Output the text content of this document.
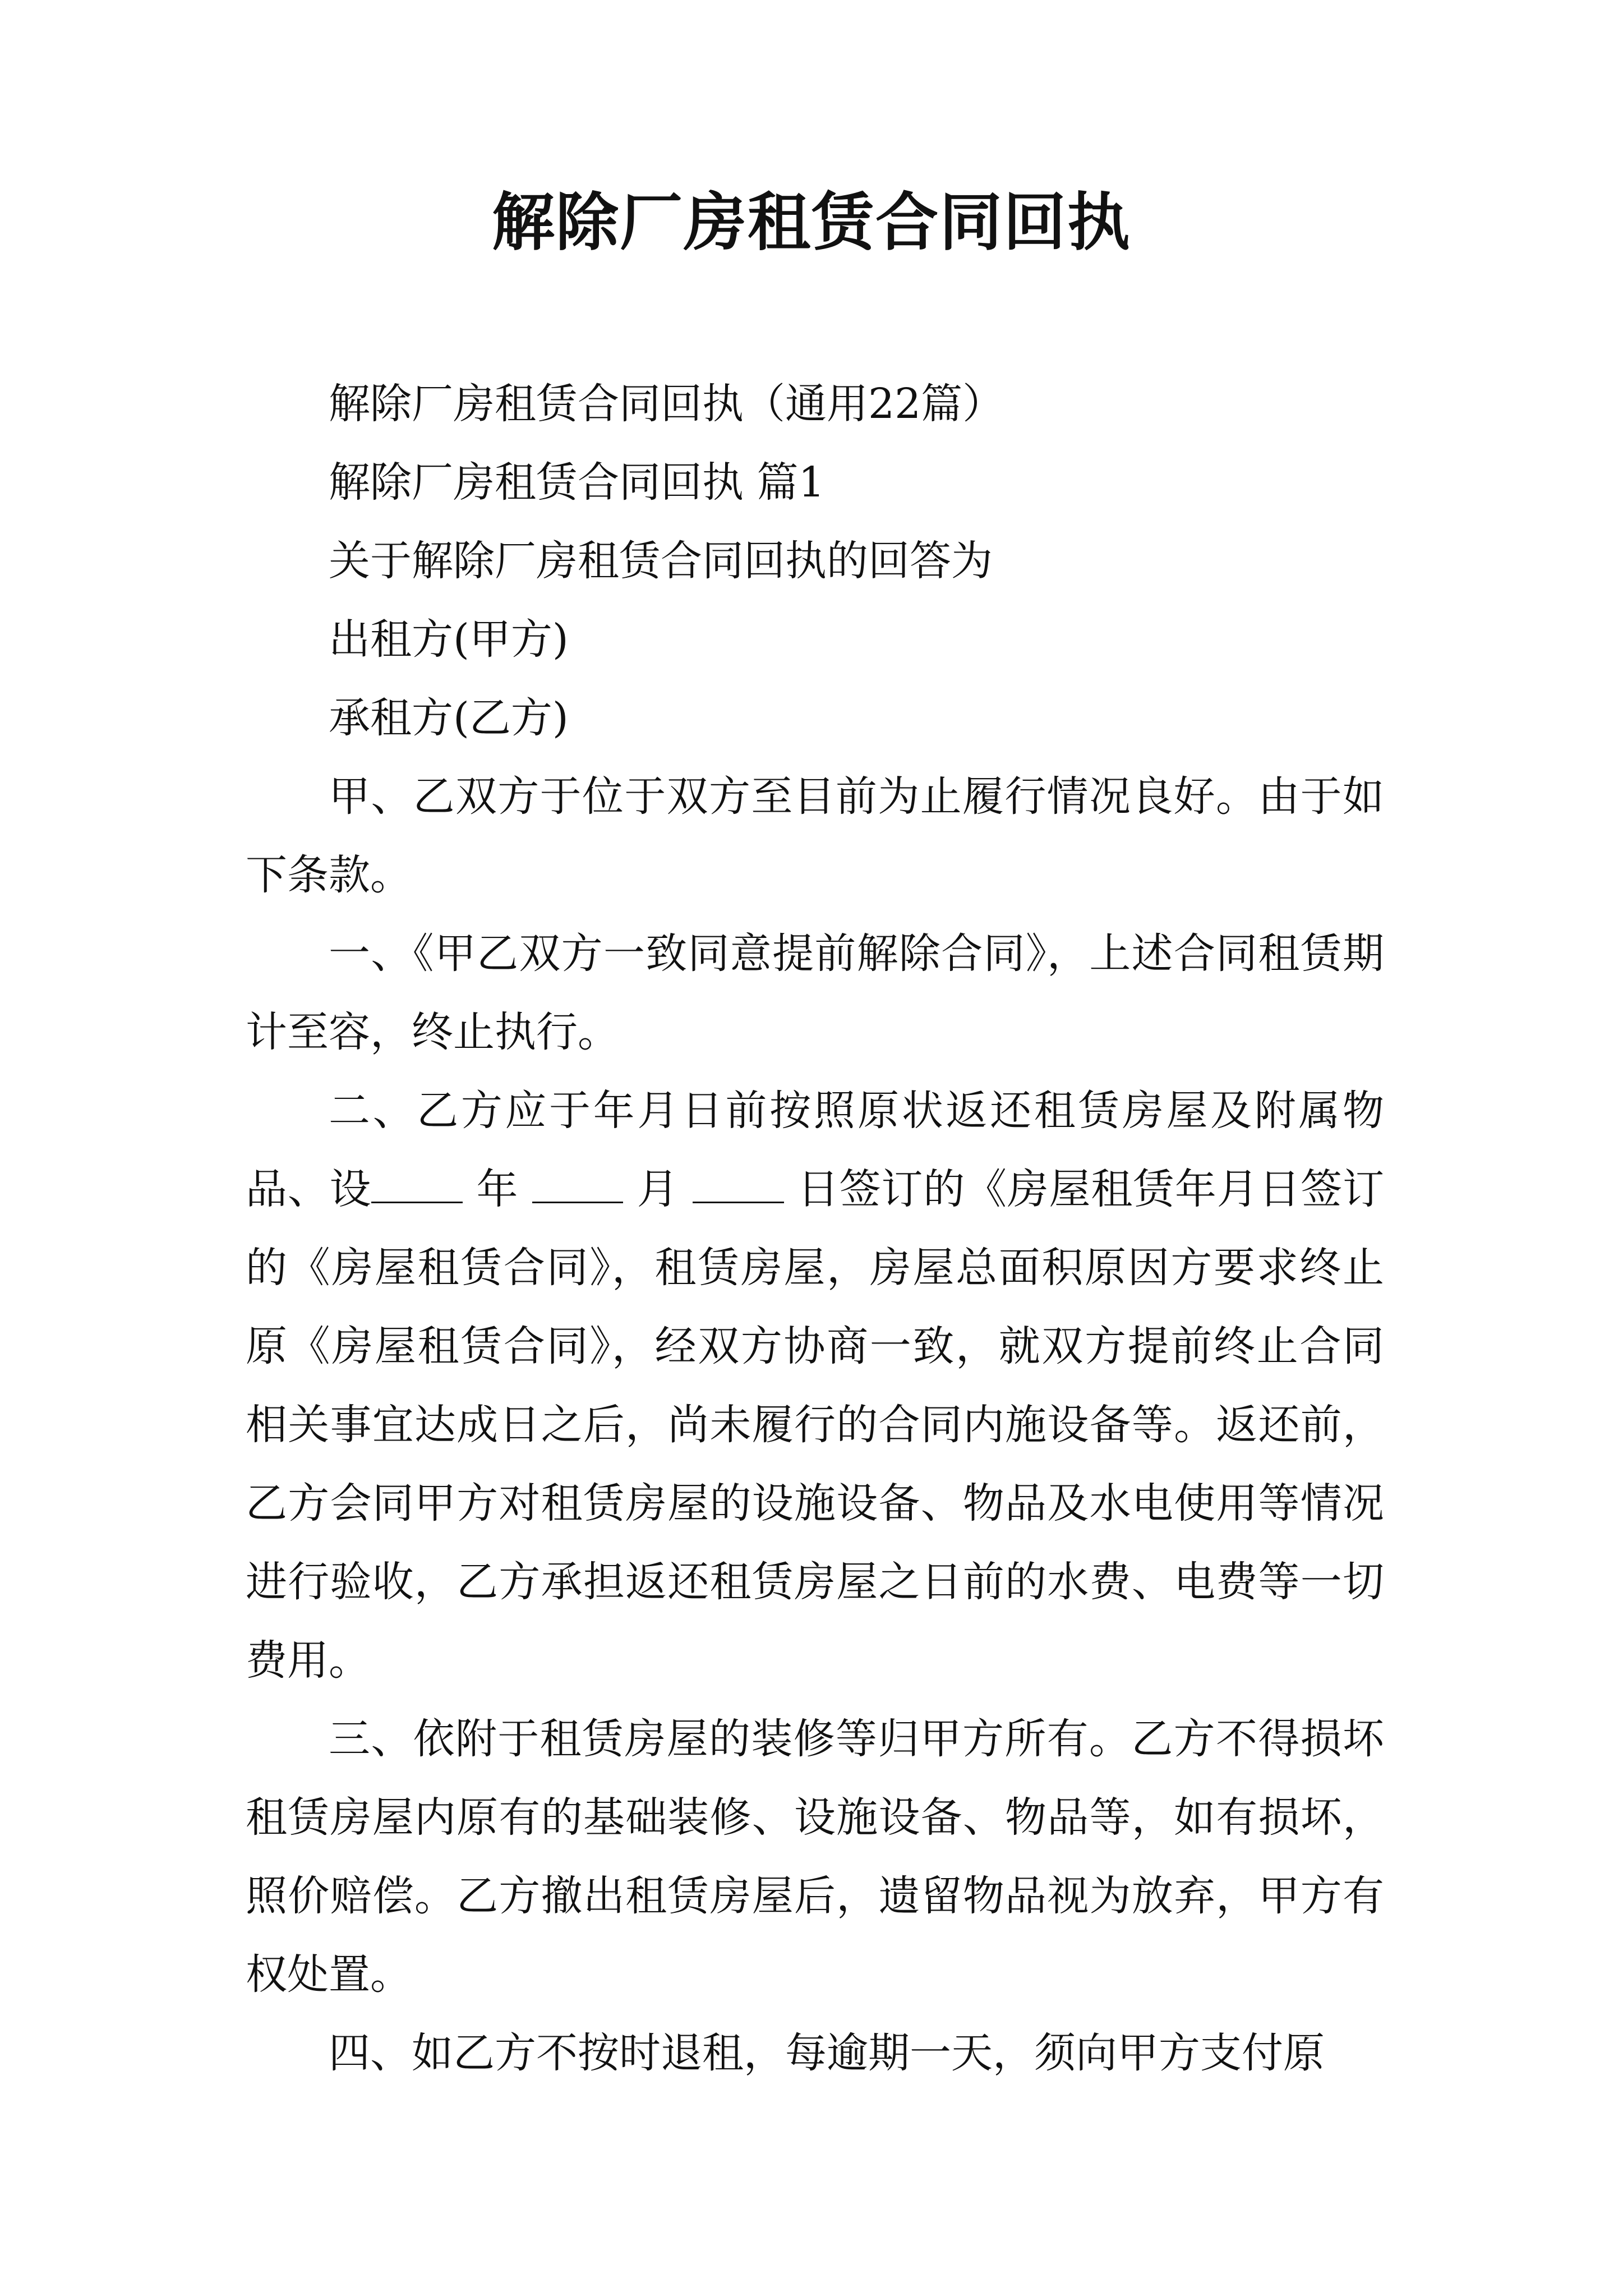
解除厂房租赁合同回执

解除厂房租赁合同回执（通用22篇）

解除厂房租赁合同回执 篇1

关于解除厂房租赁合同回执的回答为

出租方(甲方)

承租方(乙方)

甲、乙双方于位于双方至目前为止履行情况良好。由于如下条款。

一、《甲乙双方一致同意提前解除合同》，上述合同租赁期计至容，终止执行。

二、乙方应于年月日前按照原状返还租赁房屋及附属物品、设	年	月	日签订的《房屋租赁年月日签订的《房屋租赁合同》，租赁房屋，房屋总面积原因方要求终止原《房屋租赁合同》，经双方协商一致，就双方提前终止合同相关事宜达成日之后，尚未履行的合同内施设备等。返还前，乙方会同甲方对租赁房屋的设施设备、物品及水电使用等情况进行验收，乙方承担返还租赁房屋之日前的水费、电费等一切费用。

三、依附于租赁房屋的装修等归甲方所有。乙方不得损坏租赁房屋内原有的基础装修、设施设备、物品等，如有损坏，照价赔偿。乙方撤出租赁房屋后，遗留物品视为放弃，甲方有权处置。

四、如乙方不按时退租，每逾期一天，须向甲方支付原
